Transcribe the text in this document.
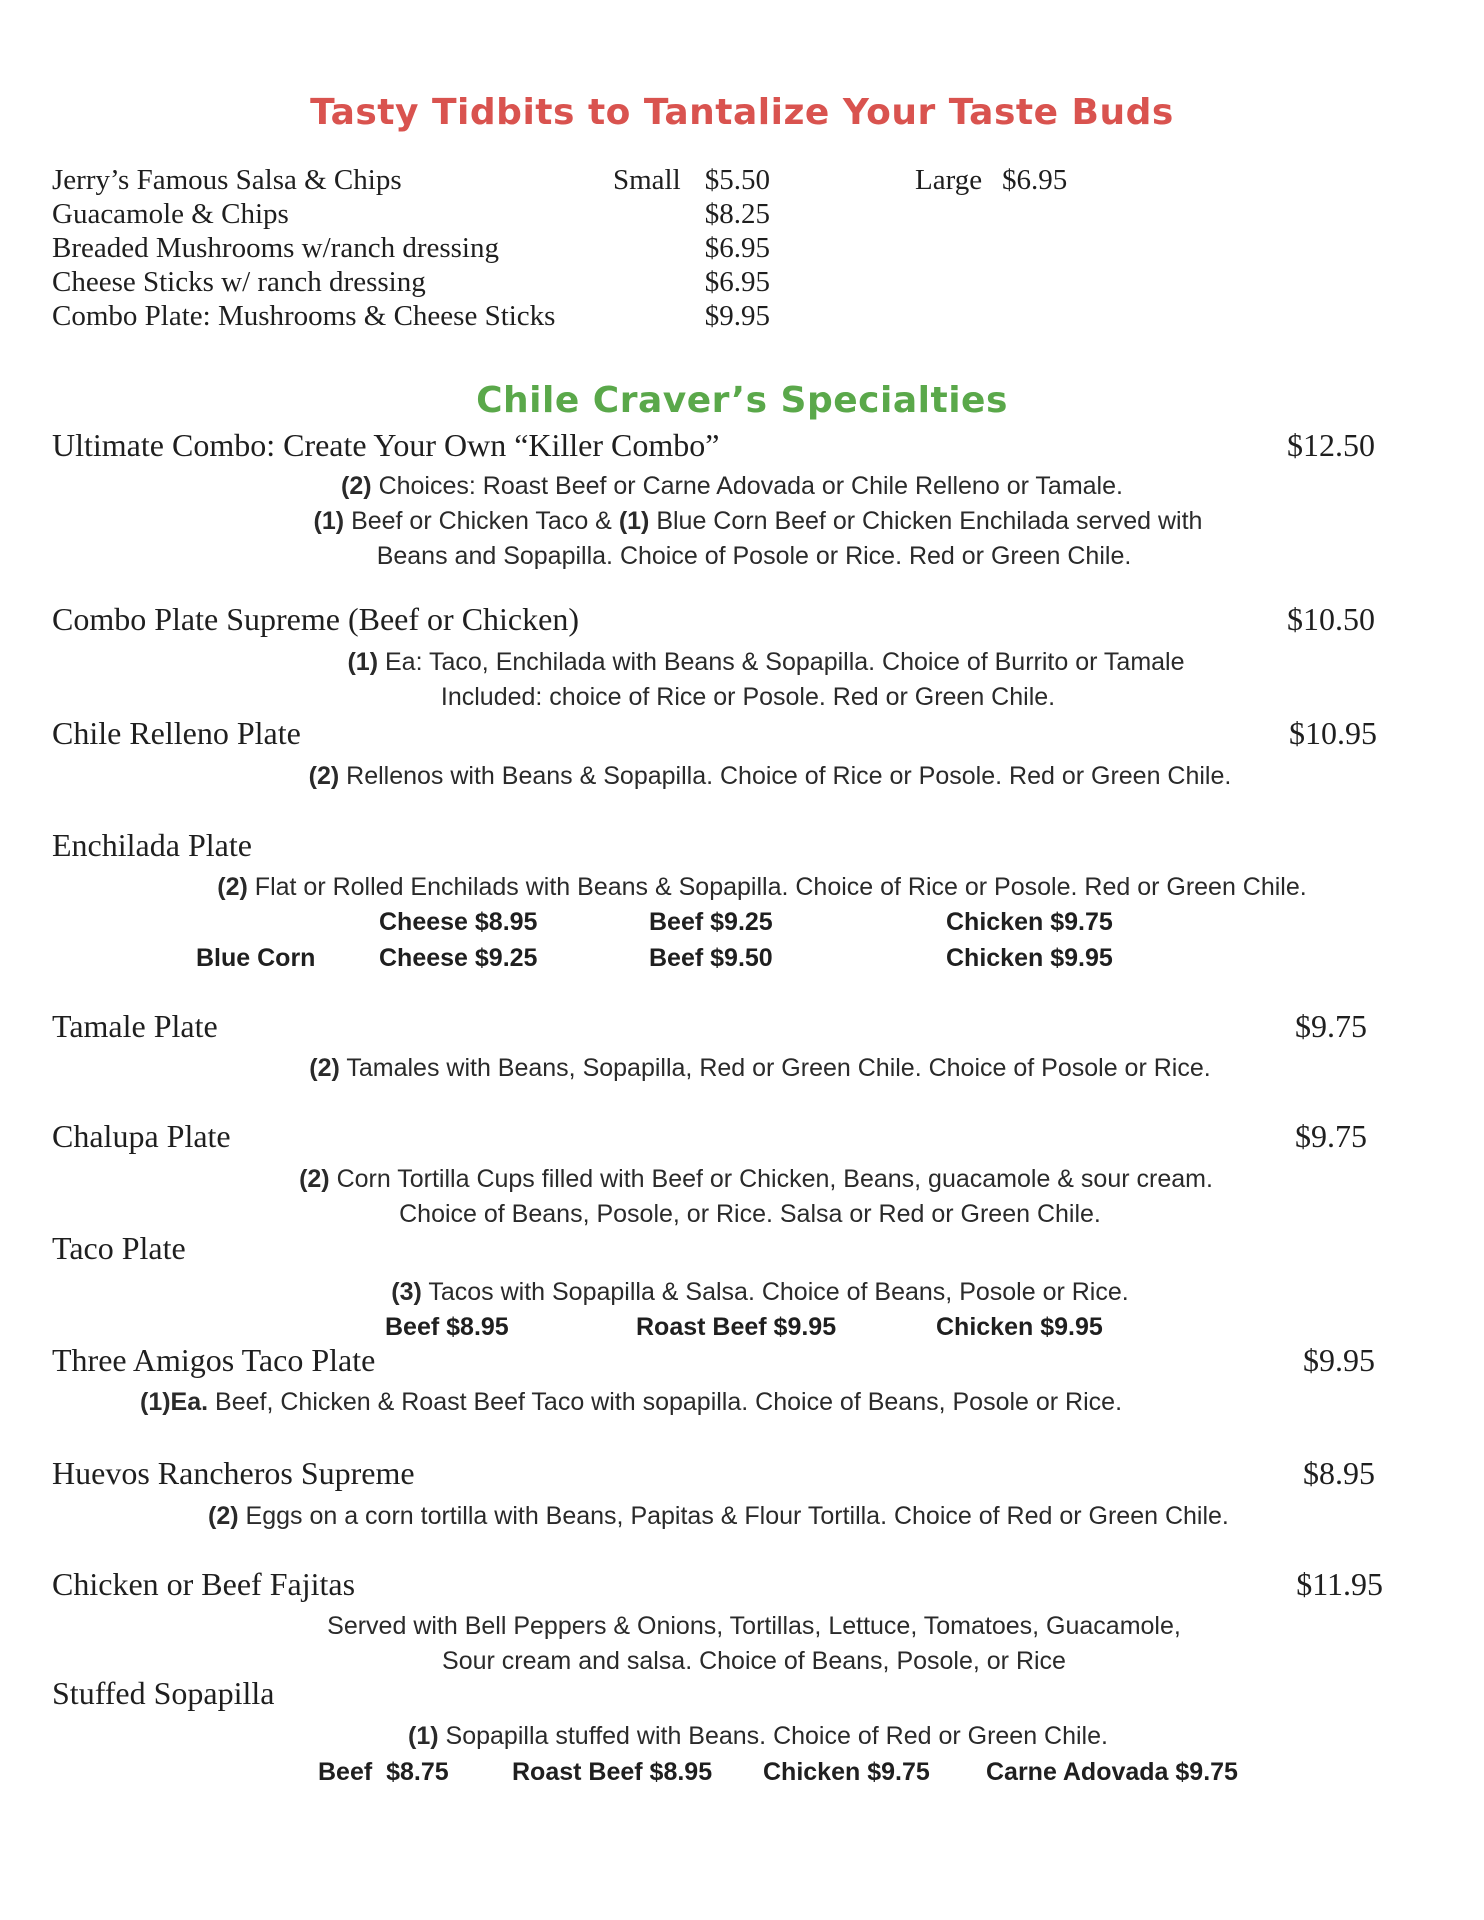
Tasty Tidbits to Tantalize Your Taste Buds
Jerry’s Famous Salsa & Chips	Small $5.50	Large $6.95
Guacamole & Chips	$8.25
Breaded Mushrooms w/ranch dressing	$6.95
Cheese Sticks w/ ranch dressing	$6.95
Combo Plate: Mushrooms & Cheese Sticks	$9.95
Chile Craver’s Specialties
Ultimate Combo: Create Your Own “Killer Combo”	$12.50
(2) Choices: Roast Beef or Carne Adovada or Chile Relleno or Tamale.
(1) Beef or Chicken Taco & (1) Blue Corn Beef or Chicken Enchilada served with
Beans and Sopapilla. Choice of Posole or Rice. Red or Green Chile.
Combo Plate Supreme (Beef or Chicken)	$10.50
(1) Ea: Taco, Enchilada with Beans & Sopapilla. Choice of Burrito or Tamale
Included: choice of Rice or Posole. Red or Green Chile.
Chile Relleno Plate	$10.95
(2) Rellenos with Beans & Sopapilla. Choice of Rice or Posole. Red or Green Chile.
Enchilada Plate
(2) Flat or Rolled Enchilads with Beans & Sopapilla. Choice of Rice or Posole. Red or Green Chile.
Cheese $8.95	Beef $9.25	Chicken $9.75
Blue Corn	Cheese $9.25	Beef $9.50	Chicken $9.95
Tamale Plate	$9.75
(2) Tamales with Beans, Sopapilla, Red or Green Chile. Choice of Posole or Rice.
Chalupa Plate	$9.75
(2) Corn Tortilla Cups filled with Beef or Chicken, Beans, guacamole & sour cream.
Choice of Beans, Posole, or Rice. Salsa or Red or Green Chile.
Taco Plate
(3) Tacos with Sopapilla & Salsa. Choice of Beans, Posole or Rice.
Beef $8.95	Roast Beef $9.95	Chicken $9.95
Three Amigos Taco Plate	$9.95
(1)Ea. Beef, Chicken & Roast Beef Taco with sopapilla. Choice of Beans, Posole or Rice.
Huevos Rancheros Supreme	$8.95
(2) Eggs on a corn tortilla with Beans, Papitas & Flour Tortilla. Choice of Red or Green Chile.
Chicken or Beef Fajitas	$11.95
Served with Bell Peppers & Onions, Tortillas, Lettuce, Tomatoes, Guacamole,
Sour cream and salsa. Choice of Beans, Posole, or Rice
Stuffed Sopapilla
(1) Sopapilla stuffed with Beans. Choice of Red or Green Chile.
Beef  $8.75	Roast Beef $8.95 Chicken $9.75 Carne Adovada $9.75
